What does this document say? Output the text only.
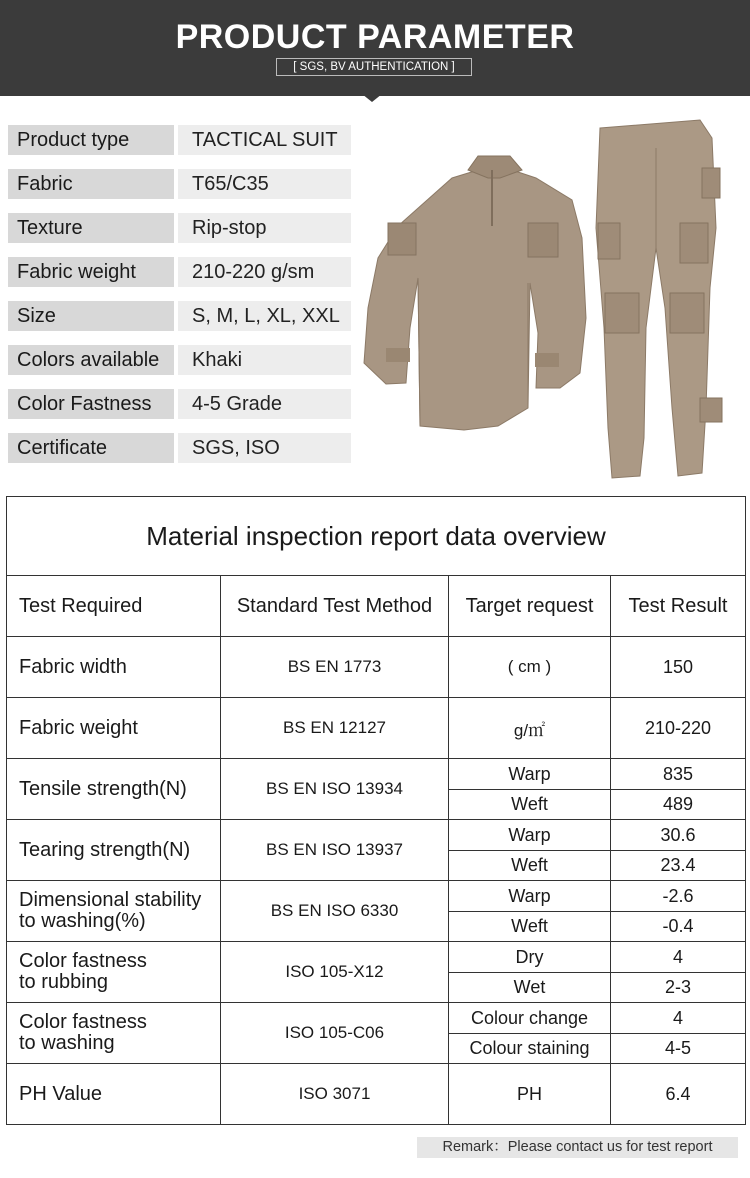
PRODUCT PARAMETER
[ SGS, BV AUTHENTICATION ]
Product type	TACTICAL SUIT
Fabric	T65/C35
Texture	Rip-stop
Fabric weight	210-220 g/sm
Size	S, M, L, XL, XXL
Colors available	Khaki
Color Fastness	4-5 Grade
Certificate	SGS, ISO
Material inspection report data overview			
Test Required	Standard Test Method	Target request	Test Result
Fabric width	BS EN 1773	( cm )	150
Fabric weight	BS EN 12127	g/㎡	210-220
Tensile strength(N)	BS EN ISO 13934	Warp	835
		Weft	489
Tearing strength(N)	BS EN ISO 13937	Warp	30.6
		Weft	23.4

Dimensional stability
to washing(%)	BS EN ISO 6330	Warp	-2.6
		Weft	-0.4

Color fastness
to rubbing	ISO 105-X12	Dry	4
		Wet	2-3

Color fastness
to washing	ISO 105-C06	Colour change	4
		Colour staining	4-5
PH Value	ISO 3071	PH	6.4
Remark：Please contact us for test report
